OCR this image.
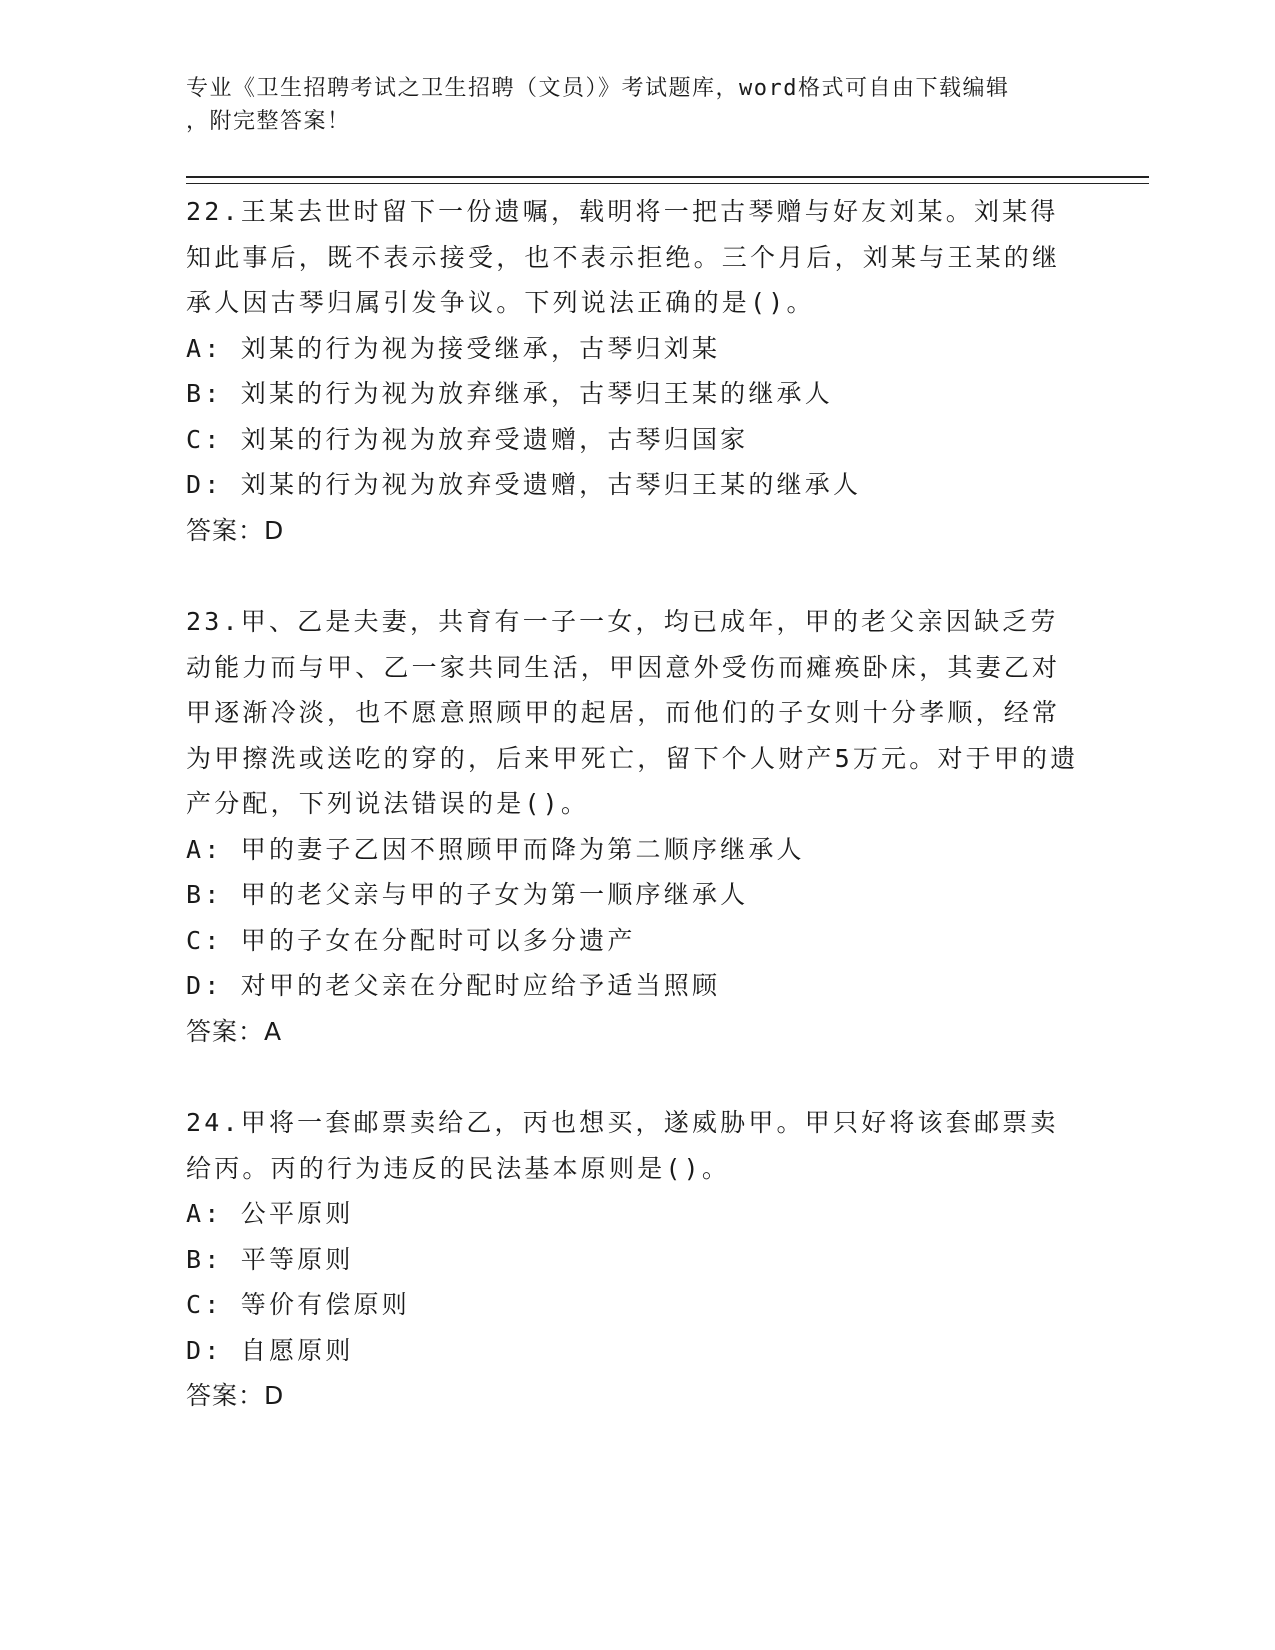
专业《卫生招聘考试之卫生招聘（文员）》考试题库，word格式可自由下载编辑
，附完整答案！
22.王某去世时留下一份遗嘱，载明将一把古琴赠与好友刘某。刘某得知此事后，既不表示接受，也不表示拒绝。三个月后，刘某与王某的继承人因古琴归属引发争议。下列说法正确的是()。
A: 刘某的行为视为接受继承，古琴归刘某
B: 刘某的行为视为放弃继承，古琴归王某的继承人
C: 刘某的行为视为放弃受遗赠，古琴归国家
D: 刘某的行为视为放弃受遗赠，古琴归王某的继承人
答案：D
23.甲、乙是夫妻，共育有一子一女，均已成年，甲的老父亲因缺乏劳动能力而与甲、乙一家共同生活，甲因意外受伤而瘫痪卧床，其妻乙对甲逐渐冷淡，也不愿意照顾甲的起居，而他们的子女则十分孝顺，经常为甲擦洗或送吃的穿的，后来甲死亡，留下个人财产5万元。对于甲的遗产分配，下列说法错误的是()。
A: 甲的妻子乙因不照顾甲而降为第二顺序继承人
B: 甲的老父亲与甲的子女为第一顺序继承人
C: 甲的子女在分配时可以多分遗产
D: 对甲的老父亲在分配时应给予适当照顾
答案：A
24.甲将一套邮票卖给乙，丙也想买，遂威胁甲。甲只好将该套邮票卖给丙。丙的行为违反的民法基本原则是()。
A: 公平原则
B: 平等原则
C: 等价有偿原则
D: 自愿原则
答案：D
